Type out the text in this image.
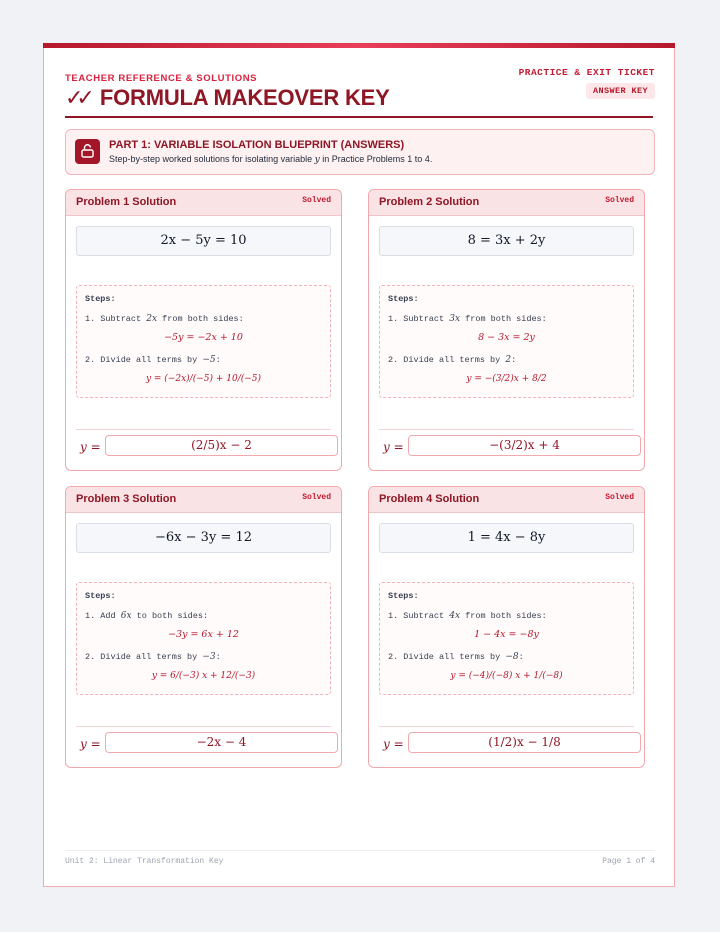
TEACHER REFERENCE & SOLUTIONS
✓✓ FORMULA MAKEOVER KEY
PRACTICE & EXIT TICKET
ANSWER KEY
PART 1: VARIABLE ISOLATION BLUEPRINT (ANSWERS)
Step-by-step worked solutions for isolating variable y in Practice Problems 1 to 4.
Problem 1 Solution	Solved
2x − 5y = 10
Steps:
1. Subtract 2x from both sides:
−5y = −2x + 10
2. Divide all terms by −5:
y = (−2x)/(−5) + 10/(−5)
y =	(2/5)x − 2
Problem 2 Solution	Solved
8 = 3x + 2y
Steps:
1. Subtract 3x from both sides:
8 − 3x = 2y
2. Divide all terms by 2:
y = −(3/2)x + 8/2
y =	−(3/2)x + 4
Problem 3 Solution	Solved
−6x − 3y = 12
Steps:
1. Add 6x to both sides:
−3y = 6x + 12
2. Divide all terms by −3:
y = 6/(−3) x + 12/(−3)
y =	−2x − 4
Problem 4 Solution	Solved
1 = 4x − 8y
Steps:
1. Subtract 4x from both sides:
1 − 4x = −8y
2. Divide all terms by −8:
y = (−4)/(−8) x + 1/(−8)
y =	(1/2)x − 1/8
Unit 2: Linear Transformation Key	Page 1 of 4
